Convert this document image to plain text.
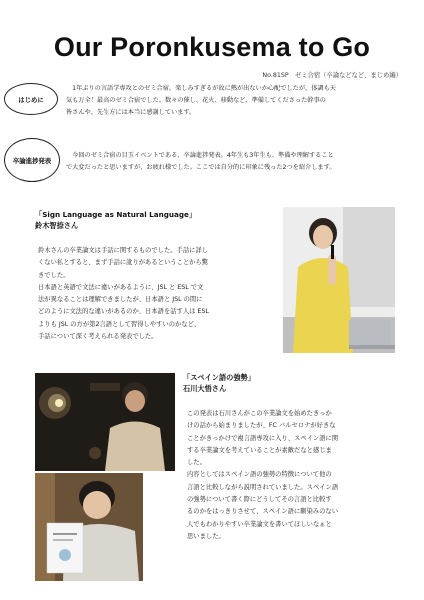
Our Poronkusema to Go
No.81SP　ゼミ合宿（卒論などなど、まじめ編）
はじめに
　1年ぶりの言語学専攻とのゼミ合宿。楽しみすぎるが故に熱が出ないか心配でしたが，体調も天
気も万全！最高のゼミ合宿でした。数々の催し、花火、移動など、準備してくださった幹事の
皆さんや、先生方には本当に感謝しています。
卒論進捗発表
　今回のゼミ合宿の目玉イベントである、卒論進捗発表。4年生も3年生も、準備や理解すること
で大変だったと思いますが、お疲れ様でした。ここでは自分的に印象に残った2つを紹介します。
「Sign Language as Natural Language」
鈴木智捺さん
鈴木さんの卒業論文は手話に関するものでした。手話に詳し
くない私とすると、まず手話に訛りがあるということから驚
きでした。
日本語と英語で文法に違いがあるように、JSL と ESL で文
法が異なることは理解できましたが、日本語と JSL の間に
どのように文法的な違いがあるのか、日本語を話す人は ESL
よりも JSL の方が第2言語として習得しやすいのかなど、
手話について深く考えられる発表でした。
「スペイン語の強勢」
石川大悟さん
この発表は石川さんがこの卒業論文を始めたきっか
けの話から始まりましたが、FC バルセロナが好きな
ことがきっかけで複言語専攻に入り、スペイン語に関
する卒業論文を考えていることが素敵だなと感じま
した。
内容としてはスペイン語の強勢の特徴について他の
言語と比較しながら説明されていました。スペイン語
の強勢について書く際にどうしてその言語と比較す
るのかをはっきりさせて、スペイン語に馴染みのない
人でもわかりやすい卒業論文を書いてほしいなぁと
思いました。
